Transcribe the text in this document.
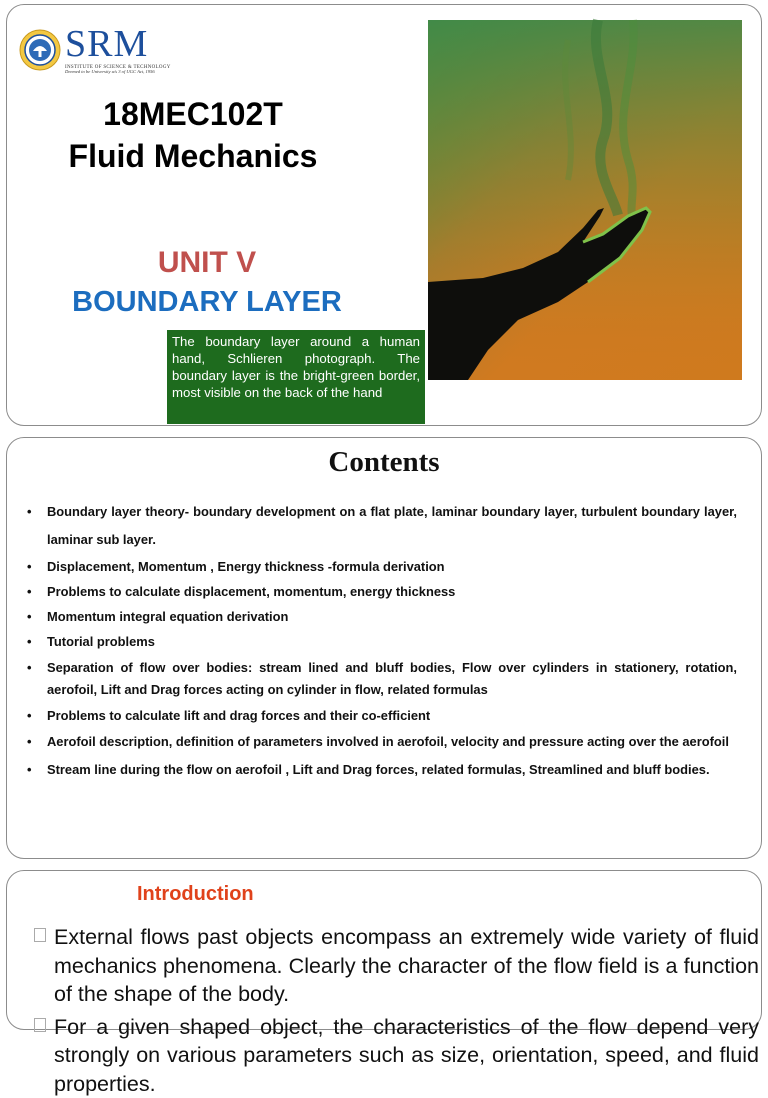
SRM
INSTITUTE OF SCIENCE & TECHNOLOGY
Deemed to be University u/s 3 of UGC Act, 1956
18MEC102T
Fluid Mechanics
UNIT V
BOUNDARY LAYER
The boundary layer around a human hand, Schlieren photograph. The boundary layer is the bright-green border, most visible on the back of the hand
Contents
• Boundary layer theory- boundary development on a flat plate, laminar boundary layer, turbulent boundary layer, laminar sub layer.
• Displacement, Momentum , Energy thickness -formula derivation
• Problems to calculate displacement, momentum, energy thickness
• Momentum integral equation derivation
• Tutorial problems
• Separation of flow over bodies: stream lined and bluff bodies, Flow over cylinders in stationery, rotation, aerofoil, Lift and Drag forces acting on cylinder in flow, related formulas
• Problems to calculate lift and drag forces and their co-efficient
• Aerofoil description, definition of parameters involved in aerofoil, velocity and pressure acting over the aerofoil
• Stream line during the flow on aerofoil , Lift and Drag forces, related formulas, Streamlined and bluff bodies.
Introduction

External flows past objects encompass an extremely wide variety of fluid mechanics phenomena. Clearly the character of the flow field is a function of the shape of the body.

For a given shaped object, the characteristics of the flow depend very strongly on various parameters such as size, orientation, speed, and fluid properties.
